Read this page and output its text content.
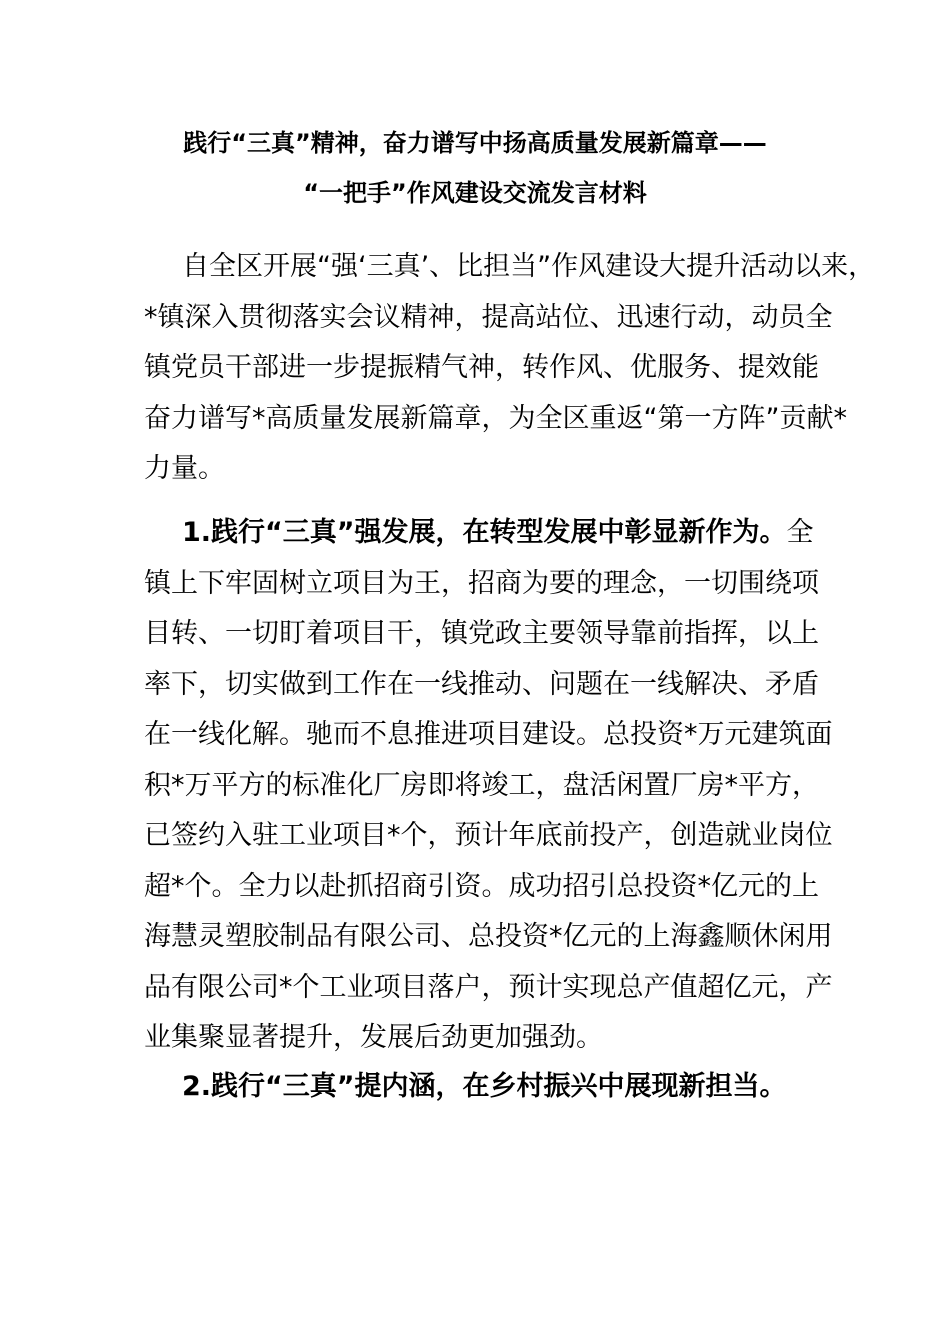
践行“三真”精神，奋力谱写中扬高质量发展新篇章——
“一把手”作风建设交流发言材料
自全区开展“强‘三真’、比担当”作风建设大提升活动以来，
*镇深入贯彻落实会议精神，提高站位、迅速行动，动员全
镇党员干部进一步提振精气神，转作风、优服务、提效能
奋力谱写*高质量发展新篇章，为全区重返“第一方阵”贡献*
力量。
1.践行“三真”强发展，在转型发展中彰显新作为。全
镇上下牢固树立项目为王，招商为要的理念，一切围绕项
目转、一切盯着项目干，镇党政主要领导靠前指挥，以上
率下，切实做到工作在一线推动、问题在一线解决、矛盾
在一线化解。驰而不息推进项目建设。总投资*万元建筑面
积*万平方的标准化厂房即将竣工，盘活闲置厂房*平方，
已签约入驻工业项目*个，预计年底前投产，创造就业岗位
超*个。全力以赴抓招商引资。成功招引总投资*亿元的上
海慧灵塑胶制品有限公司、总投资*亿元的上海鑫顺休闲用
品有限公司*个工业项目落户，预计实现总产值超亿元，产
业集聚显著提升，发展后劲更加强劲。
2.践行“三真”提内涵，在乡村振兴中展现新担当。
